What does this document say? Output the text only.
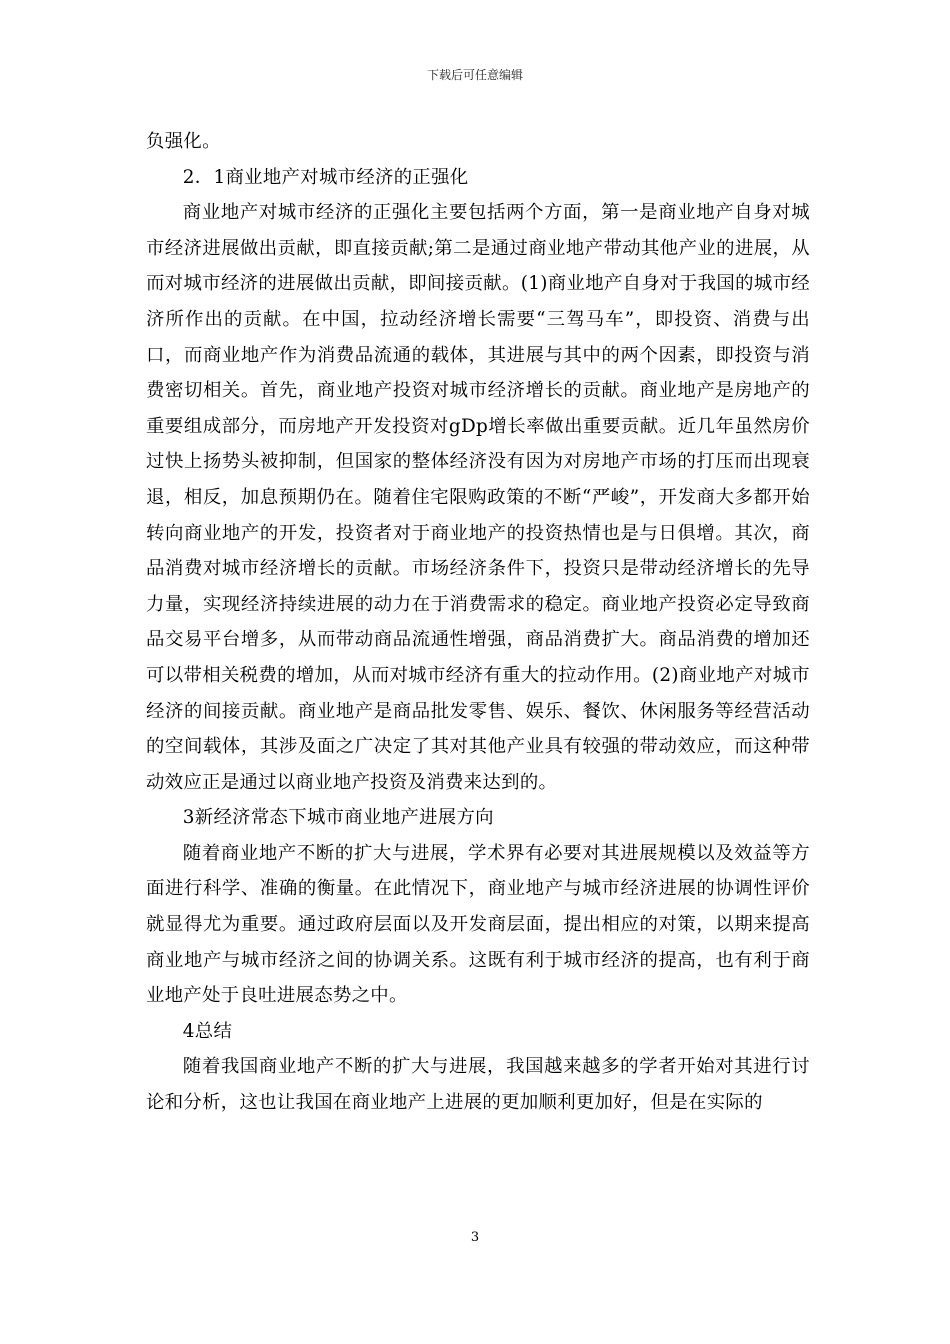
下载后可任意编辑

负强化。

2．1商业地产对城市经济的正强化

商业地产对城市经济的正强化主要包括两个方面，第一是商业地产自身对城市经济进展做出贡献，即直接贡献;第二是通过商业地产带动其他产业的进展，从而对城市经济的进展做出贡献，即间接贡献。(1)商业地产自身对于我国的城市经济所作出的贡献。在中国，拉动经济增长需要“三驾马车”，即投资、消费与出口，而商业地产作为消费品流通的载体，其进展与其中的两个因素，即投资与消费密切相关。首先，商业地产投资对城市经济增长的贡献。商业地产是房地产的重要组成部分，而房地产开发投资对gDp增长率做出重要贡献。近几年虽然房价过快上扬势头被抑制，但国家的整体经济没有因为对房地产市场的打压而出现衰退，相反，加息预期仍在。随着住宅限购政策的不断“严峻”，开发商大多都开始转向商业地产的开发，投资者对于商业地产的投资热情也是与日俱增。其次，商品消费对城市经济增长的贡献。市场经济条件下，投资只是带动经济增长的先导力量，实现经济持续进展的动力在于消费需求的稳定。商业地产投资必定导致商品交易平台增多，从而带动商品流通性增强，商品消费扩大。商品消费的增加还可以带相关税费的增加，从而对城市经济有重大的拉动作用。(2)商业地产对城市经济的间接贡献。商业地产是商品批发零售、娱乐、餐饮、休闲服务等经营活动的空间载体，其涉及面之广决定了其对其他产业具有较强的带动效应，而这种带动效应正是通过以商业地产投资及消费来达到的。

3新经济常态下城市商业地产进展方向

随着商业地产不断的扩大与进展，学术界有必要对其进展规模以及效益等方面进行科学、准确的衡量。在此情况下，商业地产与城市经济进展的协调性评价就显得尤为重要。通过政府层面以及开发商层面，提出相应的对策，以期来提高商业地产与城市经济之间的协调关系。这既有利于城市经济的提高，也有利于商业地产处于良吐进展态势之中。

4总结

随着我国商业地产不断的扩大与进展，我国越来越多的学者开始对其进行讨论和分析，这也让我国在商业地产上进展的更加顺利更加好，但是在实际的

3
